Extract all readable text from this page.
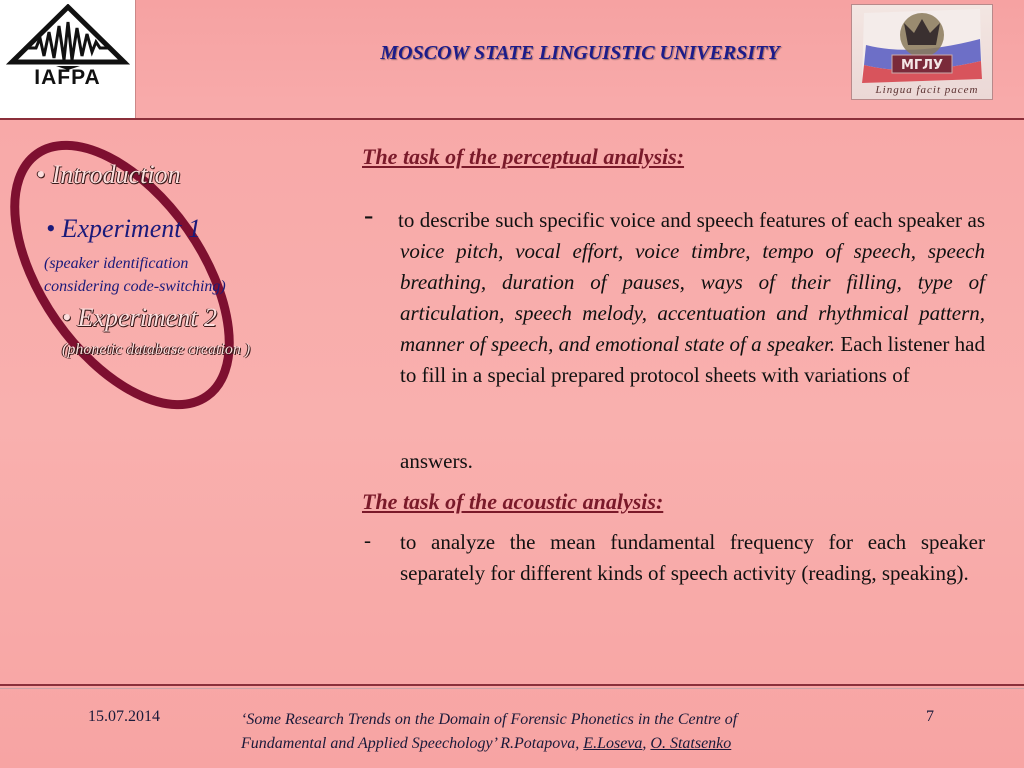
IAFPA
MOSCOW STATE LINGUISTIC UNIVERSITY
МГЛУ
Lingua facit pacem
• Introduction
• Experiment 1
(speaker identification
considering code-switching)
• Experiment 2
(phonetic database creation )
The task of the perceptual analysis:
- to describe such specific voice and speech features of each speaker as voice pitch, vocal effort, voice timbre, tempo of speech, speech breathing, duration of pauses, ways of their filling, type of articulation, speech melody, accentuation and rhythmical pattern, manner of speech, and emotional state of a speaker. Each listener had to fill in a special prepared protocol sheets with variations of
answers.
The task of the acoustic analysis:
- to analyze the mean fundamental frequency for each speaker separately for different kinds of speech activity (reading, speaking).
15.07.2014	‘Some Research Trends on the Domain of Forensic Phonetics in the Centre of
Fundamental and Applied Speechology’ R.Potapova, E.Loseva, O. Statsenko
7
